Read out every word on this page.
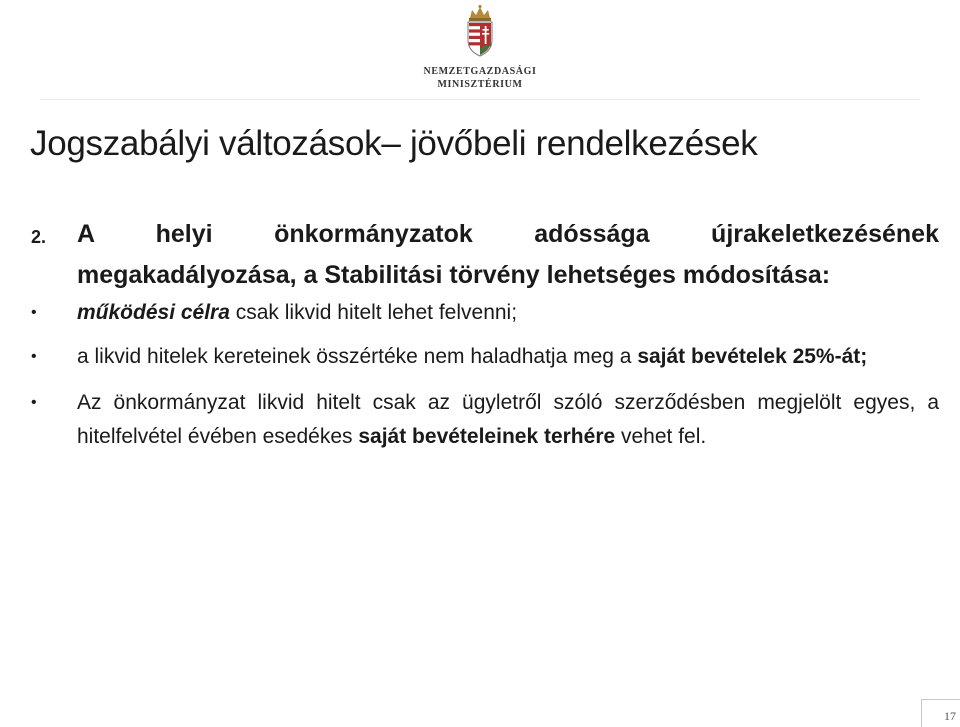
NEMZETGAZDASÁGI
MINISZTÉRIUM
Jogszabályi változások– jövőbeli rendelkezések
2.	A helyi önkormányzatok adóssága újrakeletkezésének megakadályozása, a Stabilitási törvény lehetséges módosítása:
•	működési célra csak likvid hitelt lehet felvenni;
•	a likvid hitelek kereteinek összértéke nem haladhatja meg a saját bevételek 25%-át;
•	Az önkormányzat likvid hitelt csak az ügyletről szóló szerződésben megjelölt egyes, a hitelfelvétel évében esedékes saját bevételeinek terhére vehet fel.
17
